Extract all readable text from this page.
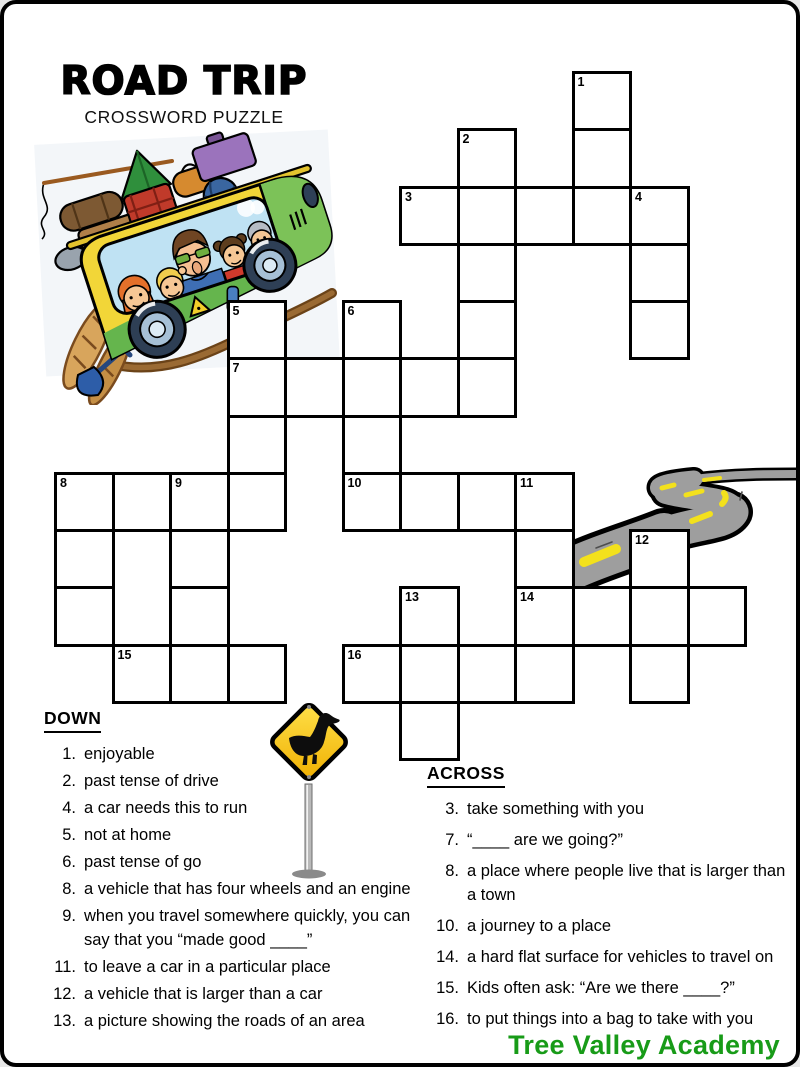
ROAD TRIP
CROSSWORD PUZZLE
1
2
3	4
5
7
6
10
8	9	11
14
12
13
15	16
DOWN
1. enjoyable
2. past tense of drive
4. a car needs this to run
5. not at home
6. past tense of go
8. a vehicle that has four wheels and an engine
9. when you travel somewhere quickly, you can say that you “made good ____”
11. to leave a car in a particular place
12. a vehicle that is larger than a car
13. a picture showing the roads of an area
ACROSS
3. take something with you
7. “____ are we going?”
8. a place where people live that is larger than a town
10. a journey to a place
14. a hard flat surface for vehicles to travel on
15. Kids often ask: “Are we there ____?”
16. to put things into a bag to take with you
Tree Valley Academy
